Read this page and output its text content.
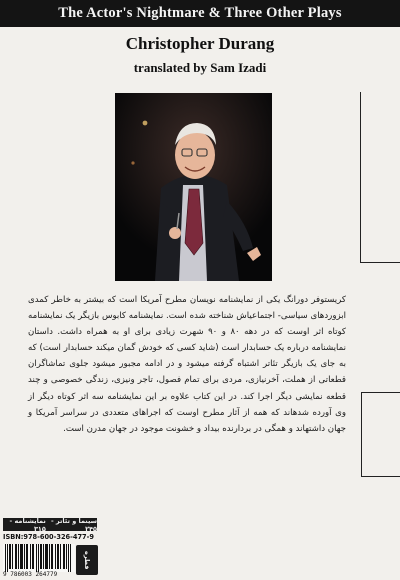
The Actor's Nightmare & Three Other Plays
Christopher Durang
translated by Sam Izadi

کریستوفر دورانگ یکی از نمایشنامه نویسان مطرح آمریکا است که بیشتر به خاطر کمدی ابزوردهای سیاسی- اجتماعیاش شناخته شده است. نمایشنامه کابوس بازیگر یک نمایشنامه کوتاه اثر اوست که در دهه ۸۰ و ۹۰ شهرت زیادی برای او به همراه داشت. داستان نمایشنامه درباره یک حسابدار است (شاید کسی که خودش گمان میکند حسابدار است) که به جای یک بازیگر تئاتر اشتباه گرفته میشود و در ادامه مجبور میشود جلوی تماشاگران قطعاتی از هملت، آخرنیازی، مردی برای تمام فصول، تاجر ونیزی، زندگی خصوصی و چند قطعه نمایشی دیگر اجرا کند. در این کتاب علاوه بر این نمایشنامه سه اثر کوتاه دیگر از وی آورده شدهاند که همه از آثار مطرح اوست که اجراهای متعددی در سراسر آمریکا و جهان داشتهاند و همگی در بردارنده بیداد و خشونت موجود در جهان مدرن است.

سینما و تئاتر - ۲۴۵
نمایشنامه - ۳۱۵
ISBN:978-600-326-477-9
9 786003 264779
قطره
